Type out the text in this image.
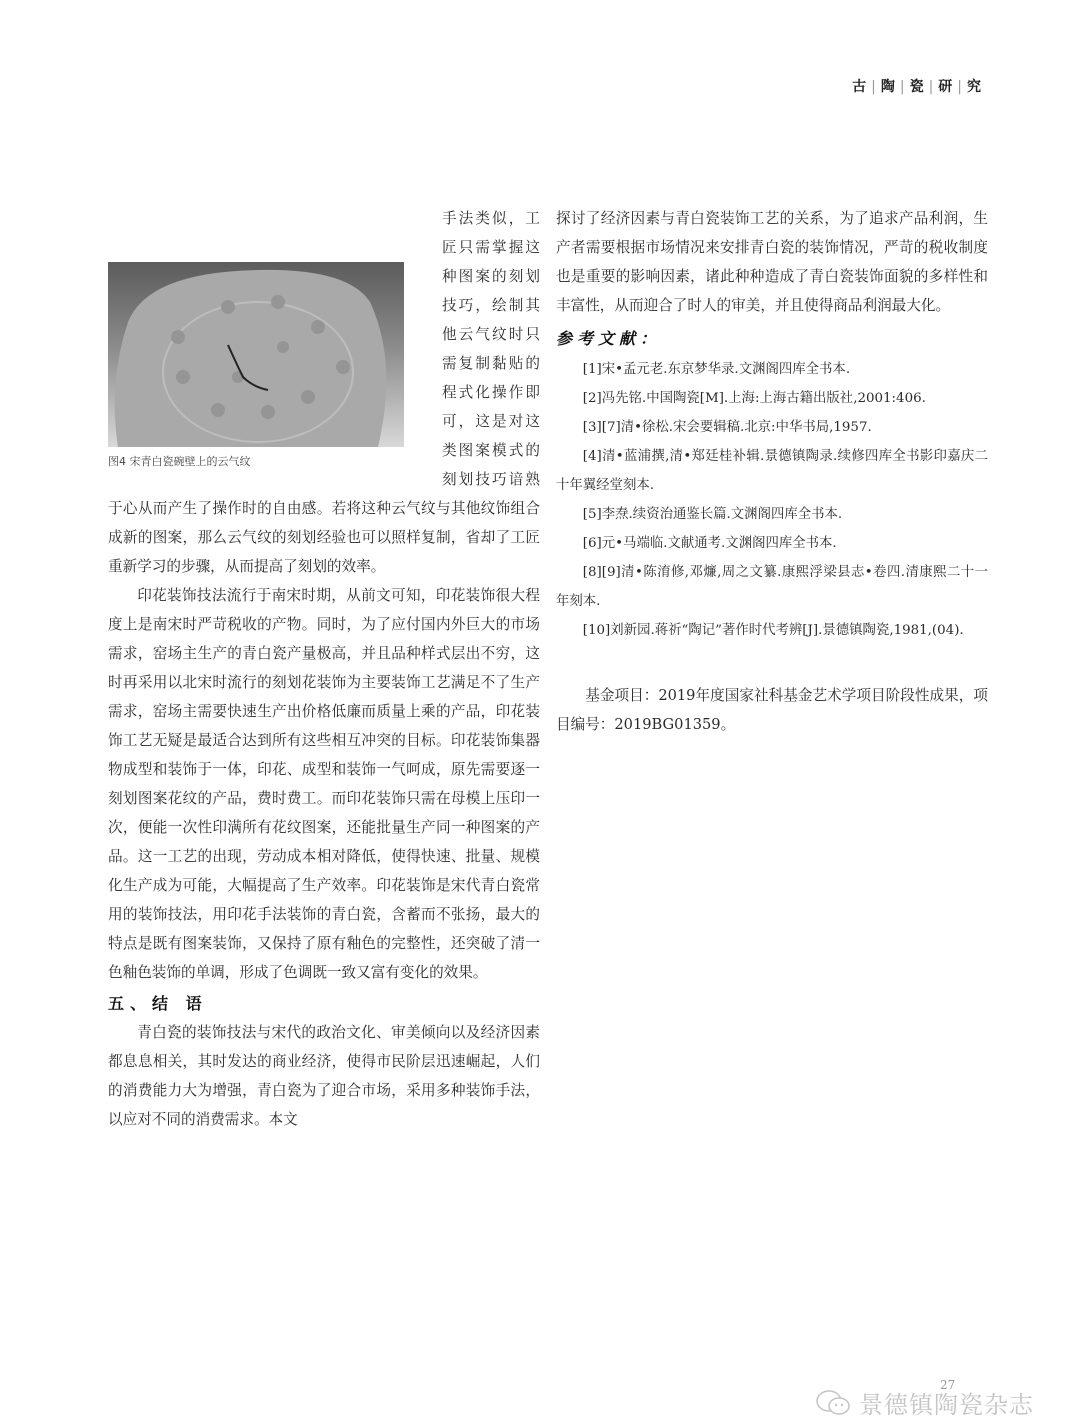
古 | 陶 | 瓷 | 研 | 究
图4 宋青白瓷碗壁上的云气纹

手法类似，工匠只需掌握这种图案的刻划技巧，绘制其他云气纹时只需复制黏贴的程式化操作即可，这是对这类图案模式的刻划技巧谙熟于心从而产生了操作时的自由感。若将这种云气纹与其他纹饰组合成新的图案，那么云气纹的刻划经验也可以照样复制，省却了工匠重新学习的步骤，从而提高了刻划的效率。

印花装饰技法流行于南宋时期，从前文可知，印花装饰很大程度上是南宋时严苛税收的产物。同时，为了应付国内外巨大的市场需求，窑场主生产的青白瓷产量极高，并且品种样式层出不穷，这时再采用以北宋时流行的刻划花装饰为主要装饰工艺满足不了生产需求，窑场主需要快速生产出价格低廉而质量上乘的产品，印花装饰工艺无疑是最适合达到所有这些相互冲突的目标。印花装饰集器物成型和装饰于一体，印花、成型和装饰一气呵成，原先需要逐一刻划图案花纹的产品，费时费工。而印花装饰只需在母模上压印一次，便能一次性印满所有花纹图案，还能批量生产同一种图案的产品。这一工艺的出现，劳动成本相对降低，使得快速、批量、规模化生产成为可能，大幅提高了生产效率。印花装饰是宋代青白瓷常用的装饰技法，用印花手法装饰的青白瓷，含蓄而不张扬，最大的特点是既有图案装饰，又保持了原有釉色的完整性，还突破了清一色釉色装饰的单调，形成了色调既一致又富有变化的效果。

五、结 语

青白瓷的装饰技法与宋代的政治文化、审美倾向以及经济因素都息息相关，其时发达的商业经济，使得市民阶层迅速崛起，人们的消费能力大为增强，青白瓷为了迎合市场，采用多种装饰手法，以应对不同的消费需求。本文

探讨了经济因素与青白瓷装饰工艺的关系，为了追求产品利润，生产者需要根据市场情况来安排青白瓷的装饰情况，严苛的税收制度也是重要的影响因素，诸此种种造成了青白瓷装饰面貌的多样性和丰富性，从而迎合了时人的审美，并且使得商品利润最大化。

参考文献：

[1]宋•孟元老.东京梦华录.文渊阁四库全书本.

[2]冯先铭.中国陶瓷[M].上海:上海古籍出版社,2001:406.

[3][7]清•徐松.宋会要辑稿.北京:中华书局,1957.

[4]清•蓝浦撰,清•郑廷桂补辑.景德镇陶录.续修四库全书影印嘉庆二十年翼经堂刻本.

[5]李焘.续资治通鉴长篇.文渊阁四库全书本.

[6]元•马端临.文献通考.文渊阁四库全书本.

[8][9]清•陈淯修,邓燫,周之文纂.康熙浮梁县志•卷四.清康熙二十一年刻本.

[10]刘新园.蒋祈“陶记”著作时代考辨[J].景德镇陶瓷,1981,(04).

基金项目：2019年度国家社科基金艺术学项目阶段性成果，项目编号：2019BG01359。

27
景德镇陶瓷杂志
